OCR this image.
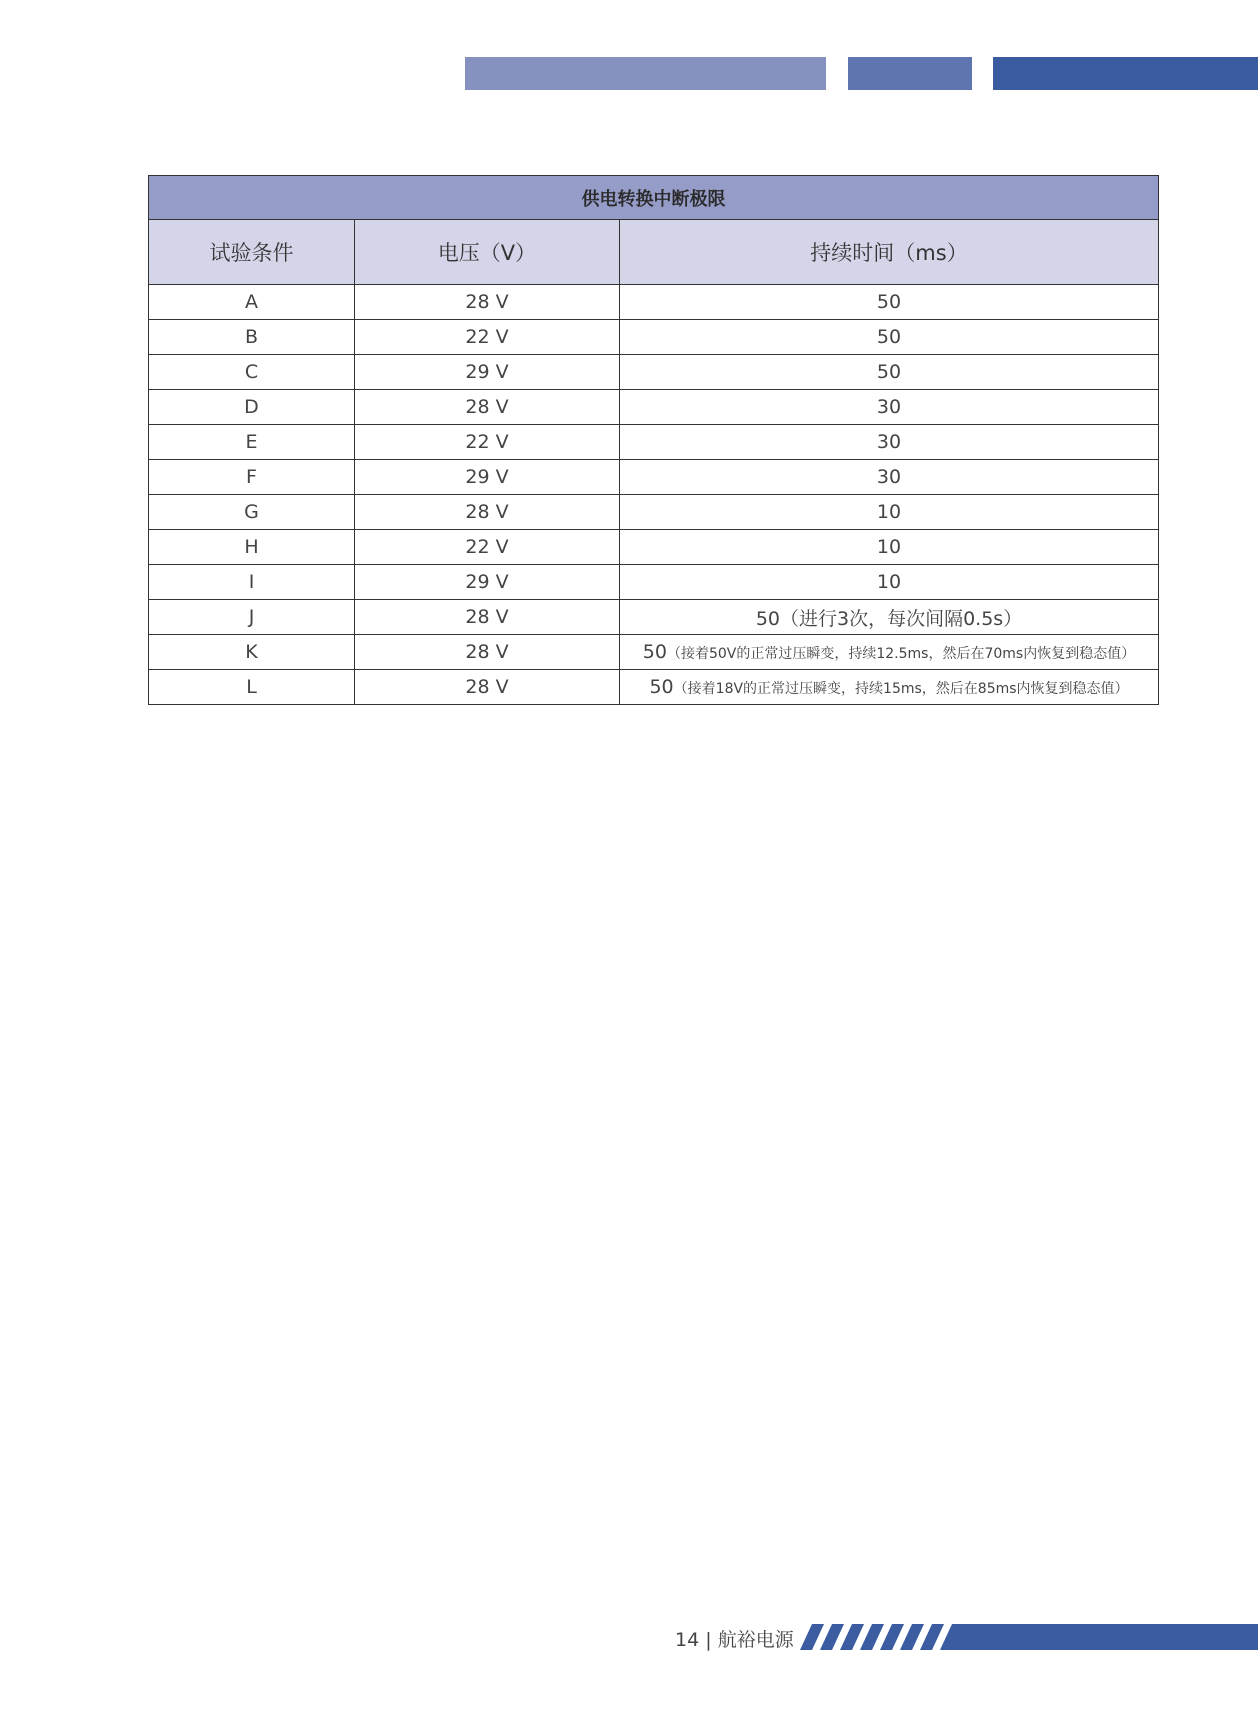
供电转换中断极限		
试验条件	电压（V）	持续时间（ms）
A	28 V	50
B	22 V	50
C	29 V	50
D	28 V	30
E	22 V	30
F	29 V	30
G	28 V	10
H	22 V	10
I	29 V	10
J	28 V	50（进行3次，每次间隔0.5s）
K	28 V	50（接着50V的正常过压瞬变，持续12.5ms，然后在70ms内恢复到稳态值）
L	28 V	50（接着18V的正常过压瞬变，持续15ms，然后在85ms内恢复到稳态值）
14 | 航裕电源
